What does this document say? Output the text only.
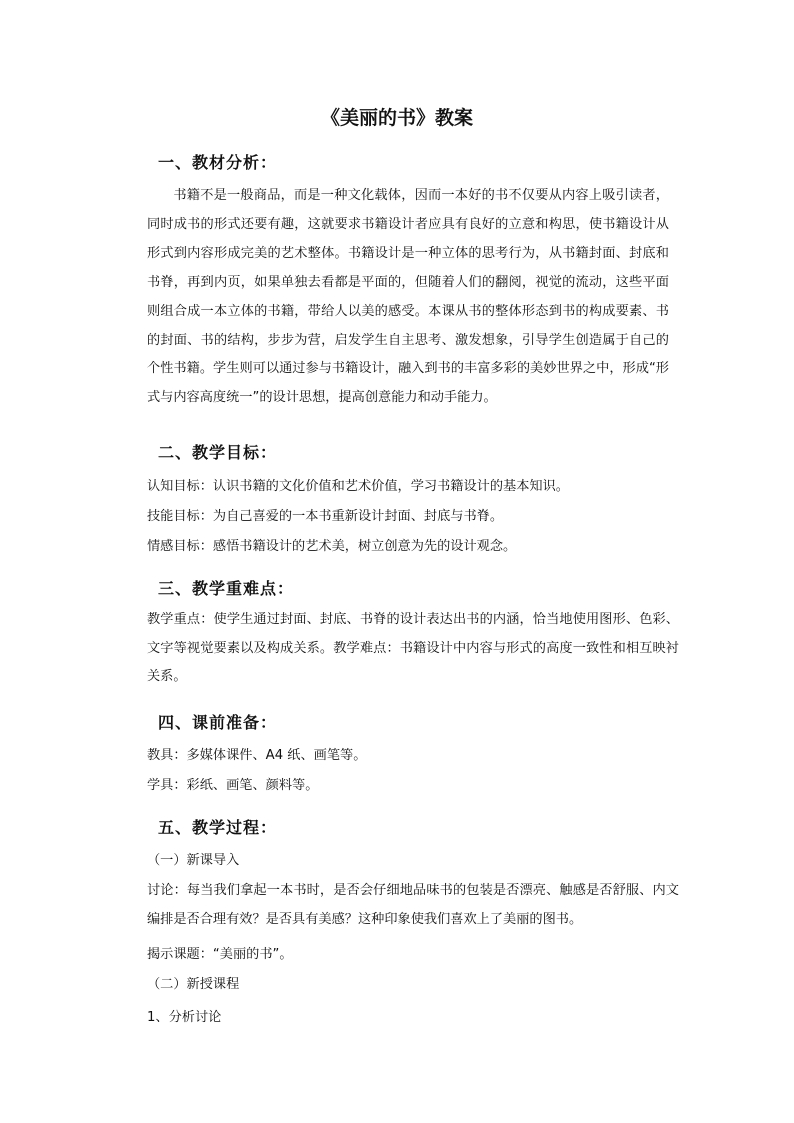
《美丽的书》教案
一、教材分析：
书籍不是一般商品，而是一种文化载体，因而一本好的书不仅要从内容上吸引读者，同时成书的形式还要有趣，这就要求书籍设计者应具有良好的立意和构思，使书籍设计从形式到内容形成完美的艺术整体。书籍设计是一种立体的思考行为，从书籍封面、封底和书脊，再到内页，如果单独去看都是平面的，但随着人们的翻阅，视觉的流动，这些平面则组合成一本立体的书籍，带给人以美的感受。本课从书的整体形态到书的构成要素、书的封面、书的结构，步步为营，启发学生自主思考、激发想象，引导学生创造属于自己的个性书籍。学生则可以通过参与书籍设计，融入到书的丰富多彩的美妙世界之中，形成“形式与内容高度统一”的设计思想，提高创意能力和动手能力。
二、教学目标：
认知目标：认识书籍的文化价值和艺术价值，学习书籍设计的基本知识。
技能目标：为自己喜爱的一本书重新设计封面、封底与书脊。
情感目标：感悟书籍设计的艺术美，树立创意为先的设计观念。
三、教学重难点：
教学重点：使学生通过封面、封底、书脊的设计表达出书的内涵，恰当地使用图形、色彩、文字等视觉要素以及构成关系。教学难点：书籍设计中内容与形式的高度一致性和相互映衬关系。
四、课前准备：
教具：多媒体课件、A4 纸、画笔等。
学具：彩纸、画笔、颜料等。
五、教学过程：
（一）新课导入
讨论：每当我们拿起一本书时，是否会仔细地品味书的包装是否漂亮、触感是否舒服、内文编排是否合理有效？是否具有美感？这种印象使我们喜欢上了美丽的图书。
揭示课题：“美丽的书”。
（二）新授课程
1、分析讨论
